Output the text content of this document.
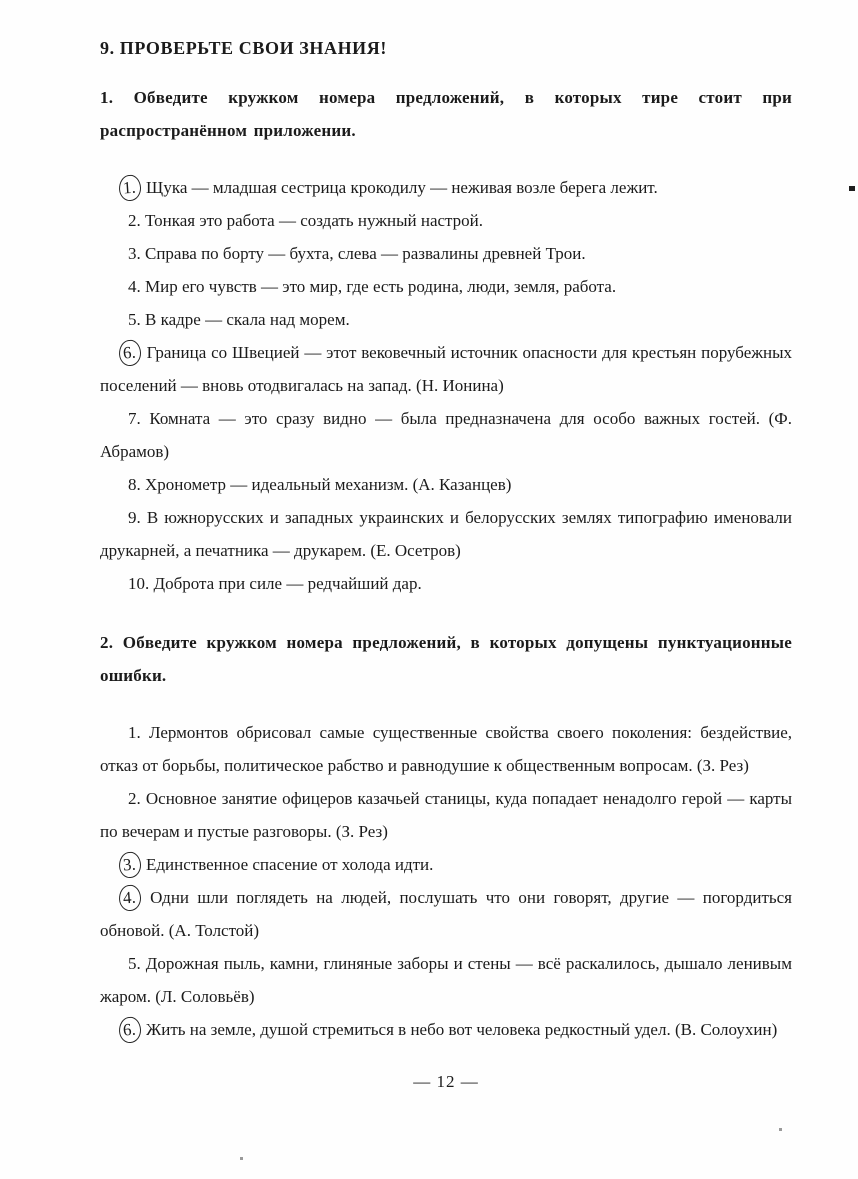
9. ПРОВЕРЬТЕ СВОИ ЗНАНИЯ!

1. Обведите кружком номера предложений, в которых тире стоит при распространённом приложении.

1. Щука — младшая сестрица крокодилу — неживая возле берега лежит.

2. Тонкая это работа — создать нужный настрой.

3. Справа по борту — бухта, слева — развалины древней Трои.

4. Мир его чувств — это мир, где есть родина, люди, земля, работа.

5. В кадре — скала над морем.

6. Граница со Швецией — этот вековечный источник опасности для крестьян порубежных поселений — вновь отодвигалась на запад. (Н. Ионина)

7. Комната — это сразу видно — была предназначена для особо важных гостей. (Ф. Абрамов)

8. Хронометр — идеальный механизм. (А. Казанцев)

9. В южнорусских и западных украинских и белорусских землях типографию именовали друкарней, а печатника — друкарем. (Е. Осетров)

10. Доброта при силе — редчайший дар.

2. Обведите кружком номера предложений, в которых допущены пунктуационные ошибки.

1. Лермонтов обрисовал самые существенные свойства своего поколения: бездействие, отказ от борьбы, политическое рабство и равнодушие к общественным вопросам. (З. Рез)

2. Основное занятие офицеров казачьей станицы, куда попадает ненадолго герой — карты по вечерам и пустые разговоры. (З. Рез)

3. Единственное спасение от холода идти.

4. Одни шли поглядеть на людей, послушать что они говорят, другие — погордиться обновой. (А. Толстой)

5. Дорожная пыль, камни, глиняные заборы и стены — всё раскалилось, дышало ленивым жаром. (Л. Соловьёв)

6. Жить на земле, душой стремиться в небо вот человека редкостный удел. (В. Солоухин)

— 12 —
